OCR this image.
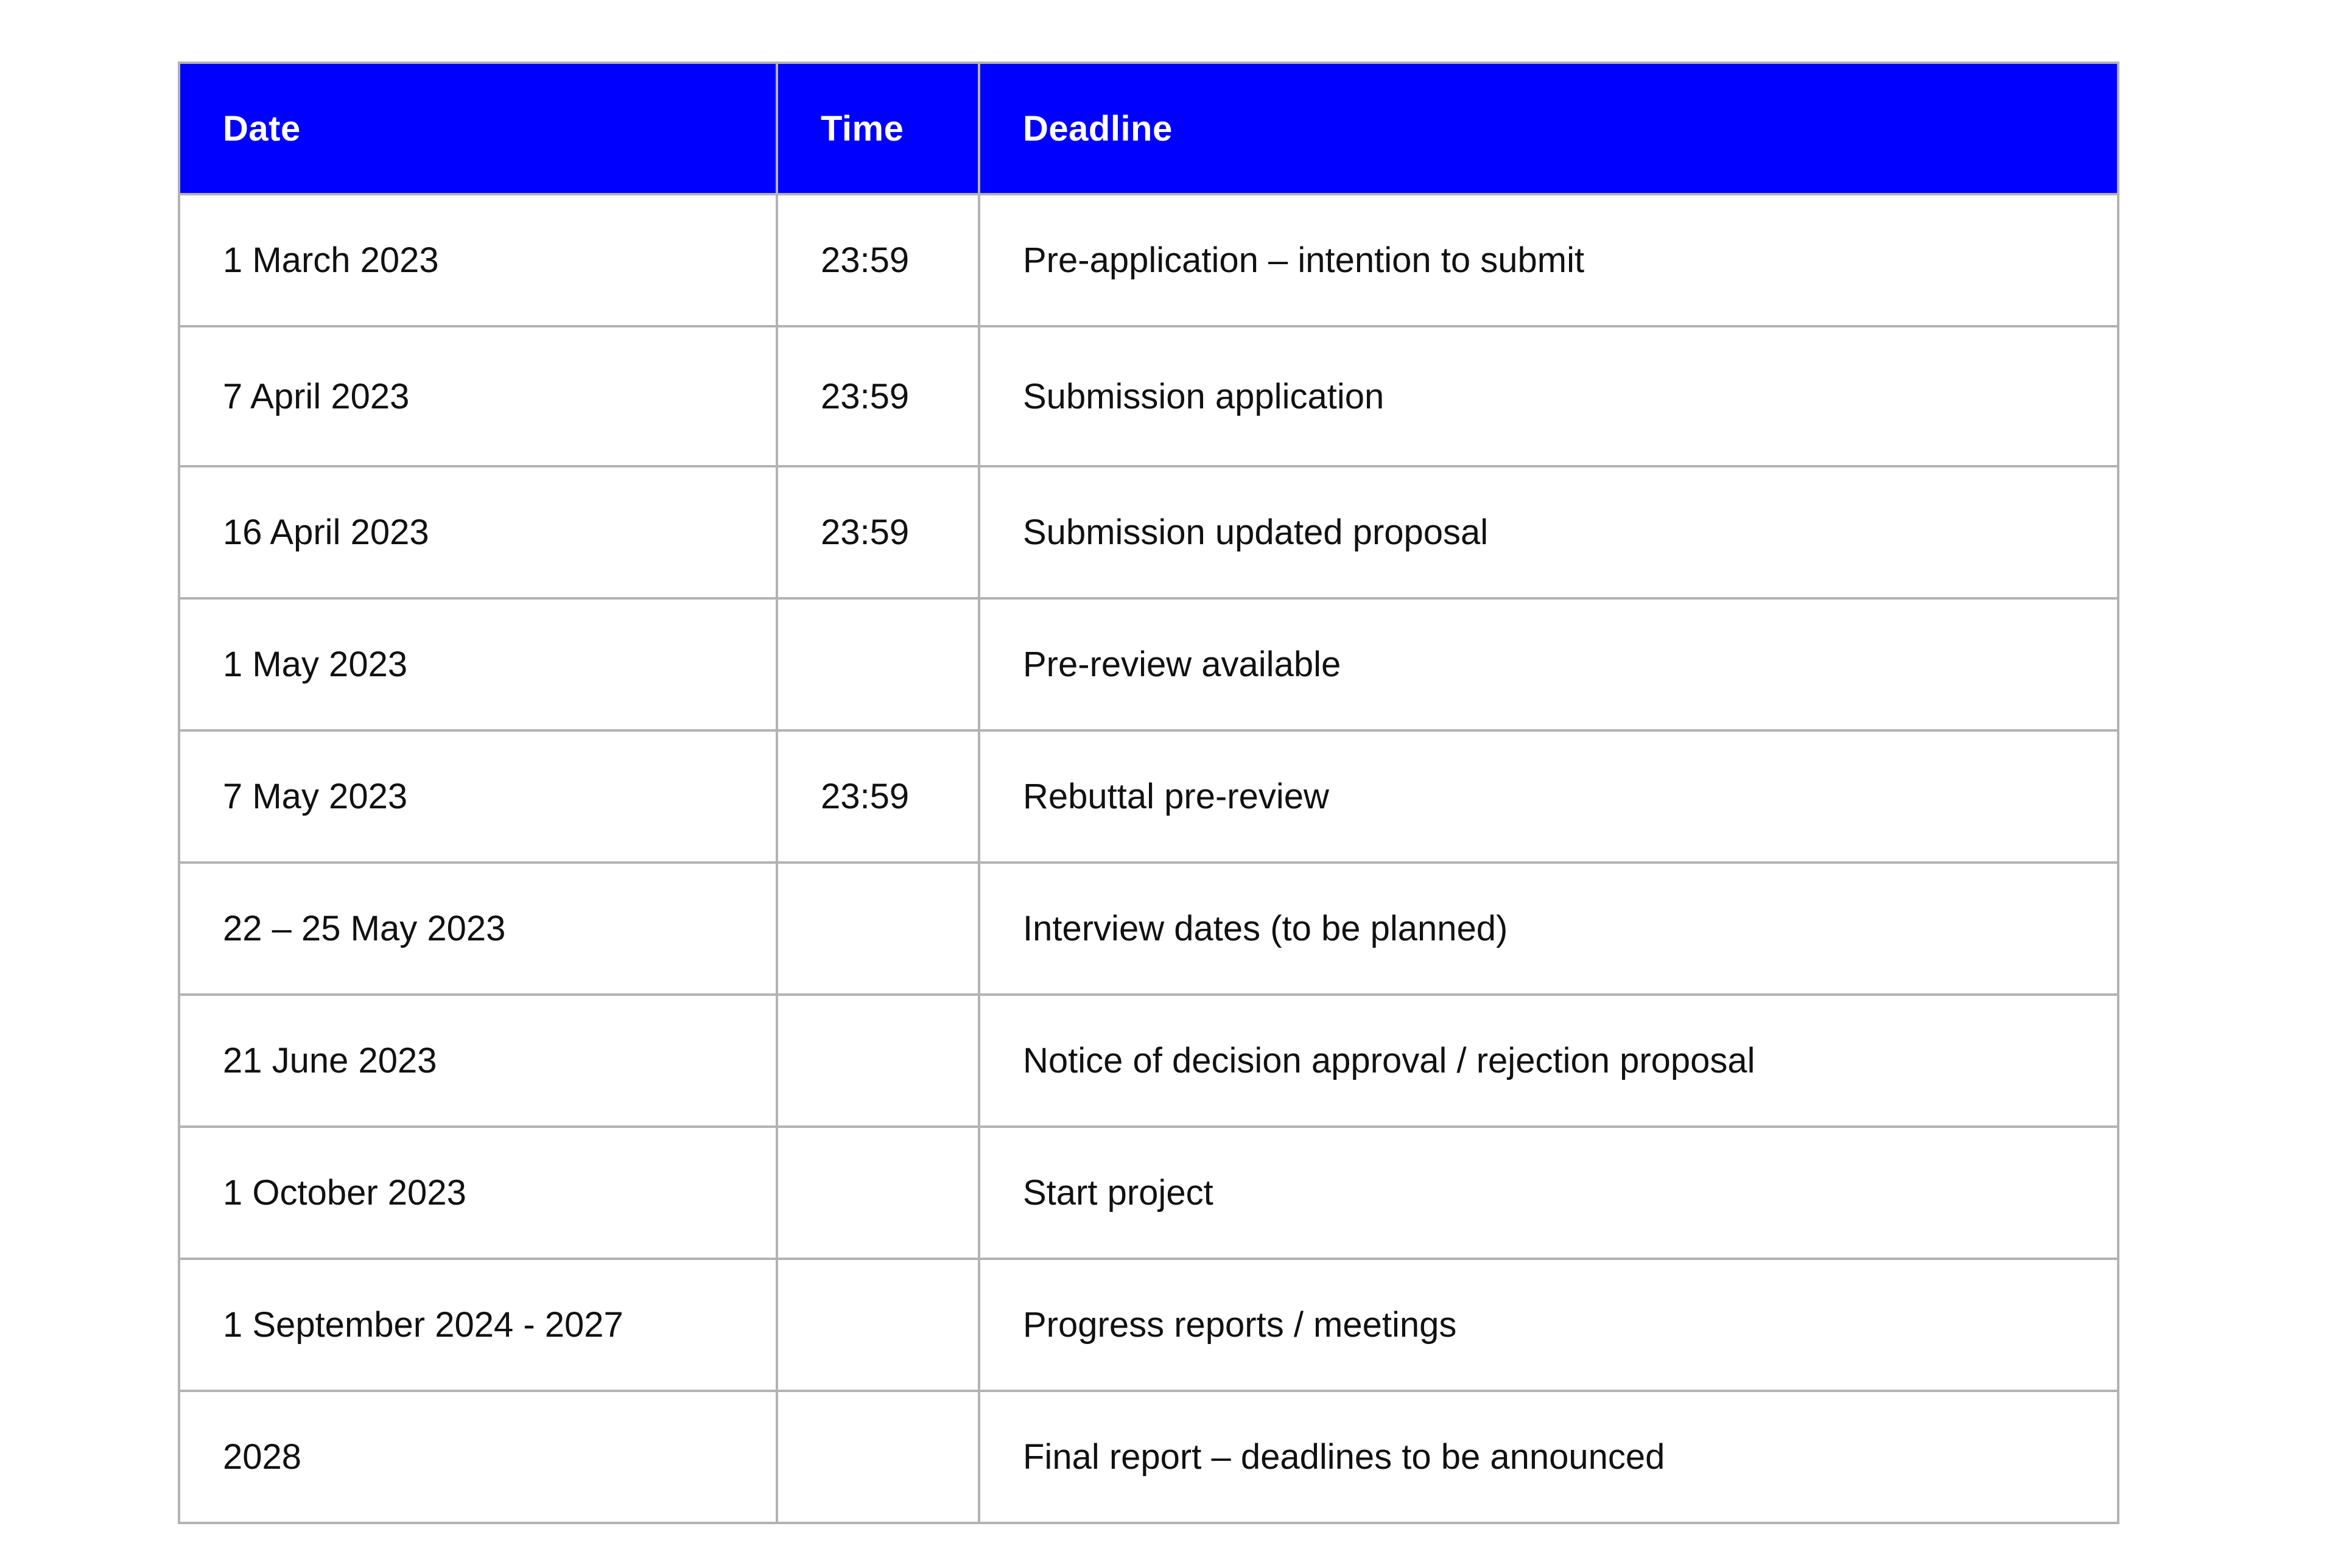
Date	Time	Deadline
1 March 2023	23:59	Pre-application – intention to submit
7 April 2023	23:59	Submission application
16 April 2023	23:59	Submission updated proposal
1 May 2023		Pre-review available
7 May 2023	23:59	Rebuttal pre-review
22 – 25 May 2023		Interview dates (to be planned)
21 June 2023		Notice of decision approval / rejection proposal
1 October 2023		Start project
1 September 2024 - 2027		Progress reports / meetings
2028		Final report – deadlines to be announced
